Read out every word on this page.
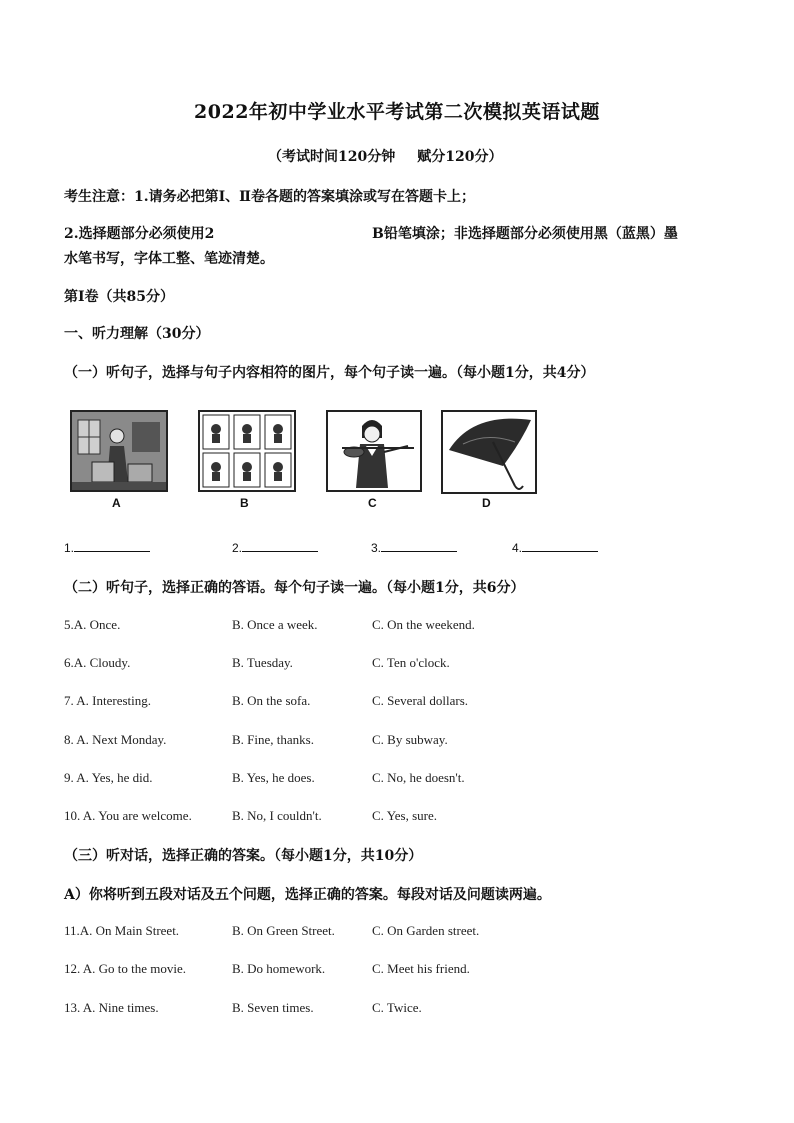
2022年初中学业水平考试第二次模拟英语试题
（考试时间120分钟 赋分120分）
考生注意：1.请务必把第Ⅰ、Ⅱ卷各题的答案填涂或写在答题卡上；
2.选择题部分必须使用2	B铅笔填涂；非选择题部分必须使用黑（蓝黑）墨
水笔书写，字体工整、笔迹清楚。
第Ⅰ卷（共85分）
一、听力理解（30分）
（一）听句子，选择与句子内容相符的图片，每个句子读一遍。（每小题1分，共4分）
A	B	C	D
1.	2.	3.	4.
（二）听句子，选择正确的答语。每个句子读一遍。（每小题1分，共6分）
5.A. Once.	B. Once a week.	C. On the weekend.
6.A. Cloudy.	B. Tuesday.	C. Ten o'clock.
7. A. Interesting.	B. On the sofa.	C. Several dollars.
8. A. Next Monday.	B. Fine, thanks.	C. By subway.
9. A. Yes, he did.	B. Yes, he does.	C. No, he doesn't.
10. A. You are welcome.	B. No, I couldn't.	C. Yes, sure.
（三）听对话，选择正确的答案。（每小题1分，共10分）
A）你将听到五段对话及五个问题，选择正确的答案。每段对话及问题读两遍。
11.A. On Main Street.	B. On Green Street.	C. On Garden street.
12. A. Go to the movie.	B. Do homework.	C. Meet his friend.
13. A. Nine times.	B. Seven times.	C. Twice.
